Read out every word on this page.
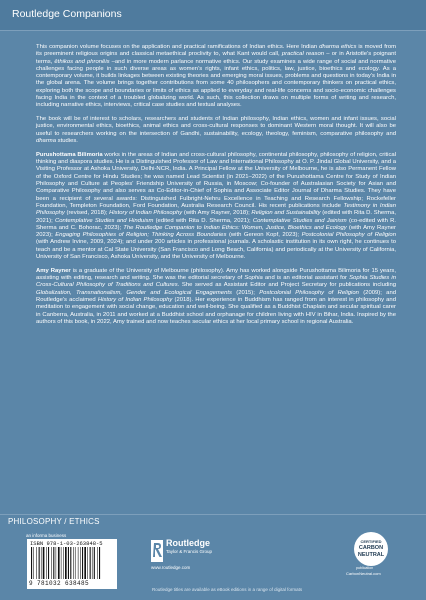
Routledge Companions

This companion volume focuses on the application and practical ramifications of Indian ethics. Here Indian dharma ethics is moved from its preeminent religious origins and classical metaethical proclivity to, what Kant would call, practical reason – or in Aristotle’s poignant terms, êthikos and phronêis –and in more modern parlance normative ethics. Our study examines a wide range of social and normative challenges facing people in such diverse areas as women’s rights, infant ethics, politics, law, justice, bioethics and ecology. As a contemporary volume, it builds linkages between existing theories and emerging moral issues, problems and questions in today’s India in the global arena. The volume brings together contributions from some 40 philosophers and contemporary thinkers on practical ethics, exploring both the scope and boundaries or limits of ethics as applied to everyday and real-life concerns and socio-economic challenges facing India in the context of a troubled globalizing world. As such, this collection draws on multiple forms of writing and research, including narrative ethics, interviews, critical case studies and textual analyses.

The book will be of interest to scholars, researchers and students of Indian philosophy, Indian ethics, women and infant issues, social justice, environmental ethics, bioethics, animal ethics and cross-cultural responses to dominant Western moral thought. It will also be useful to researchers working on the intersection of Gandhi, sustainability, ecology, theology, feminism, comparative philosophy and dharma studies.

Purushottama Bilimoria works in the areas of Indian and cross-cultural philosophy, continental philosophy, philosophy of religion, critical thinking and diaspora studies. He is a Distinguished Professor of Law and International Philosophy at O. P. Jindal Global University, and a Visiting Professor at Ashoka University, Delhi-NCR, India. A Principal Fellow at the University of Melbourne, he is also Permanent Fellow of the Oxford Centre for Hindu Studies; he was named Lead Scientist (in 2021–2022) of the Purushottama Centre for Study of Indian Philosophy and Culture at Peoples’ Friendship University of Russia, in Moscow; Co-founder of Australasian Society for Asian and Comparative Philosophy and also serves as Co-Editor-in-Chief of Sophia and Associate Editor Journal of Dharma Studies. They have been a recipient of several awards: Distinguished Fulbright-Nehru Excellence in Teaching and Research Fellowship; Rockefeller Foundation, Templeton Foundation, Ford Foundation, Australia Research Council. His recent publications include Testimony in Indian Philosophy (revised, 2018); History of Indian Philosophy (with Amy Rayner, 2018); Religion and Sustainability (edited with Rita D. Sherma, 2021); Contemplative Studies and Hinduism (edited with Rita D. Sherma, 2021); Contemplative Studies and Jainism (co-edited with R. Sherma and C. Bohorac, 2023); The Routledge Companion to Indian Ethics: Women, Justice, Bioethics and Ecology (with Amy Rayner 2023); Engaging Philosophies of Religion; Thinking Across Boundaries (with Gereon Kopf, 2023); Postcolonial Philosophy of Religion (with Andrew Irvine, 2009, 2024); and under 200 articles in professional journals. A scholastic institution in its own right, he continues to teach and be a mentor at Cal State University (San Francisco and Long Beach, California) and periodically at the University of California, University of San Francisco, Ashoka University, and the University of Melbourne.

Amy Rayner is a graduate of the University of Melbourne (philosophy). Amy has worked alongside Purushottama Bilimoria for 15 years, assisting with editing, research and writing. She was the editorial secretary of Sophia and is an editorial assistant for Sophia Studies in Cross-Cultural Philosophy of Traditions and Cultures. She served as Assistant Editor and Project Secretary for publications including Globalization, Transnationalism, Gender and Ecological Engagements (2015); Postcolonial Philosophy of Religion (2009); and Routledge’s acclaimed History of Indian Philosophy (2018). Her experience in Buddhism has ranged from an interest in philosophy and meditation to engagement with social change, education and well-being. She qualified as a Buddhist Chaplain and secular spiritual carer in Canberra, Australia, in 2011 and worked at a Buddhist school and orphanage for children living with HIV in Bihar, India. Inspired by the authors of this book, in 2022, Amy trained and now teaches secular ethics at her local primary school in regional Australia.

PHILOSOPHY / ETHICS
an informa business
ISBN 978-1-03-263848-5
9 781032 638485
Routledge
Taylor & Francis Group
www.routledge.com
CERTIFIED
CARBON
NEUTRAL
publication
CarbonNeutral.com
Routledge titles are available as eBook editions in a range of digital formats
